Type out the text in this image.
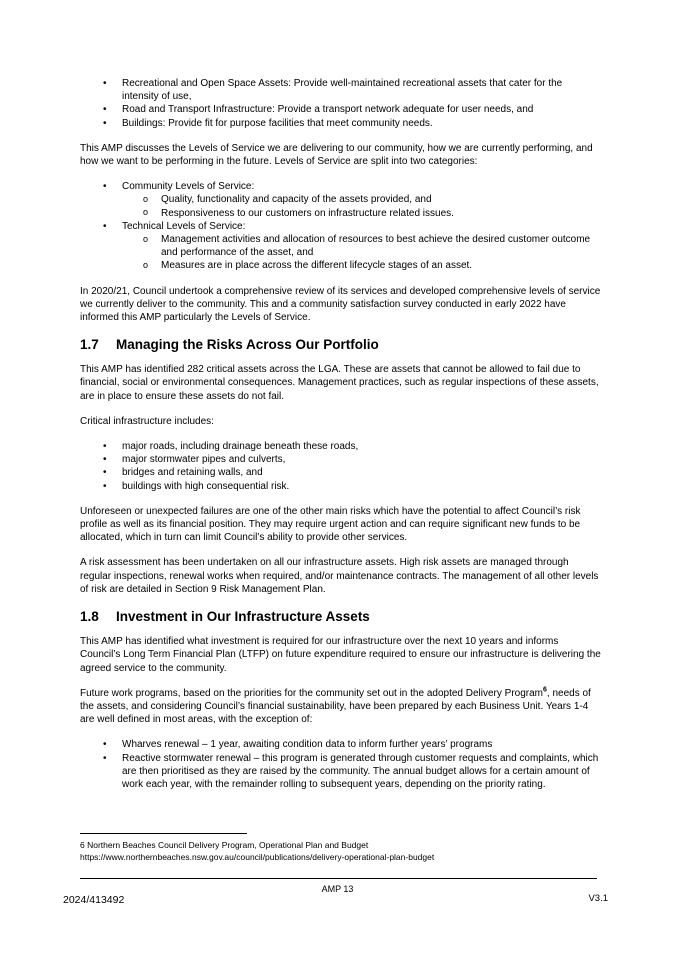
• Recreational and Open Space Assets: Provide well-maintained recreational assets that cater for the intensity of use,
• Road and Transport Infrastructure: Provide a transport network adequate for user needs, and
• Buildings: Provide fit for purpose facilities that meet community needs.

This AMP discusses the Levels of Service we are delivering to our community, how we are currently performing, and how we want to be performing in the future. Levels of Service are split into two categories:

• Community Levels of Service:
o Quality, functionality and capacity of the assets provided, and
o Responsiveness to our customers on infrastructure related issues.
• Technical Levels of Service:
o Management activities and allocation of resources to best achieve the desired customer outcome and performance of the asset, and
o Measures are in place across the different lifecycle stages of an asset.

In 2020/21, Council undertook a comprehensive review of its services and developed comprehensive levels of service we currently deliver to the community. This and a community satisfaction survey conducted in early 2022 have informed this AMP particularly the Levels of Service.

1.7	Managing the Risks Across Our Portfolio

This AMP has identified 282 critical assets across the LGA. These are assets that cannot be allowed to fail due to financial, social or environmental consequences. Management practices, such as regular inspections of these assets, are in place to ensure these assets do not fail.

Critical infrastructure includes:

• major roads, including drainage beneath these roads,
• major stormwater pipes and culverts,
• bridges and retaining walls, and
• buildings with high consequential risk.

Unforeseen or unexpected failures are one of the other main risks which have the potential to affect Council’s risk profile as well as its financial position. They may require urgent action and can require significant new funds to be allocated, which in turn can limit Council’s ability to provide other services.

A risk assessment has been undertaken on all our infrastructure assets. High risk assets are managed through regular inspections, renewal works when required, and/or maintenance contracts. The management of all other levels of risk are detailed in Section 9 Risk Management Plan.

1.8	Investment in Our Infrastructure Assets

This AMP has identified what investment is required for our infrastructure over the next 10 years and informs Council’s Long Term Financial Plan (LTFP) on future expenditure required to ensure our infrastructure is delivering the agreed service to the community.

Future work programs, based on the priorities for the community set out in the adopted Delivery Program$^6$, needs of the assets, and considering Council’s financial sustainability, have been prepared by each Business Unit. Years 1-4 are well defined in most areas, with the exception of:

• Wharves renewal – 1 year, awaiting condition data to inform further years’ programs
• Reactive stormwater renewal – this program is generated through customer requests and complaints, which are then prioritised as they are raised by the community. The annual budget allows for a certain amount of work each year, with the remainder rolling to subsequent years, depending on the priority rating.
6 Northern Beaches Council Delivery Program, Operational Plan and Budget
https://www.northernbeaches.nsw.gov.au/council/publications/delivery-operational-plan-budget
AMP 13
2024/413492	V3.1
